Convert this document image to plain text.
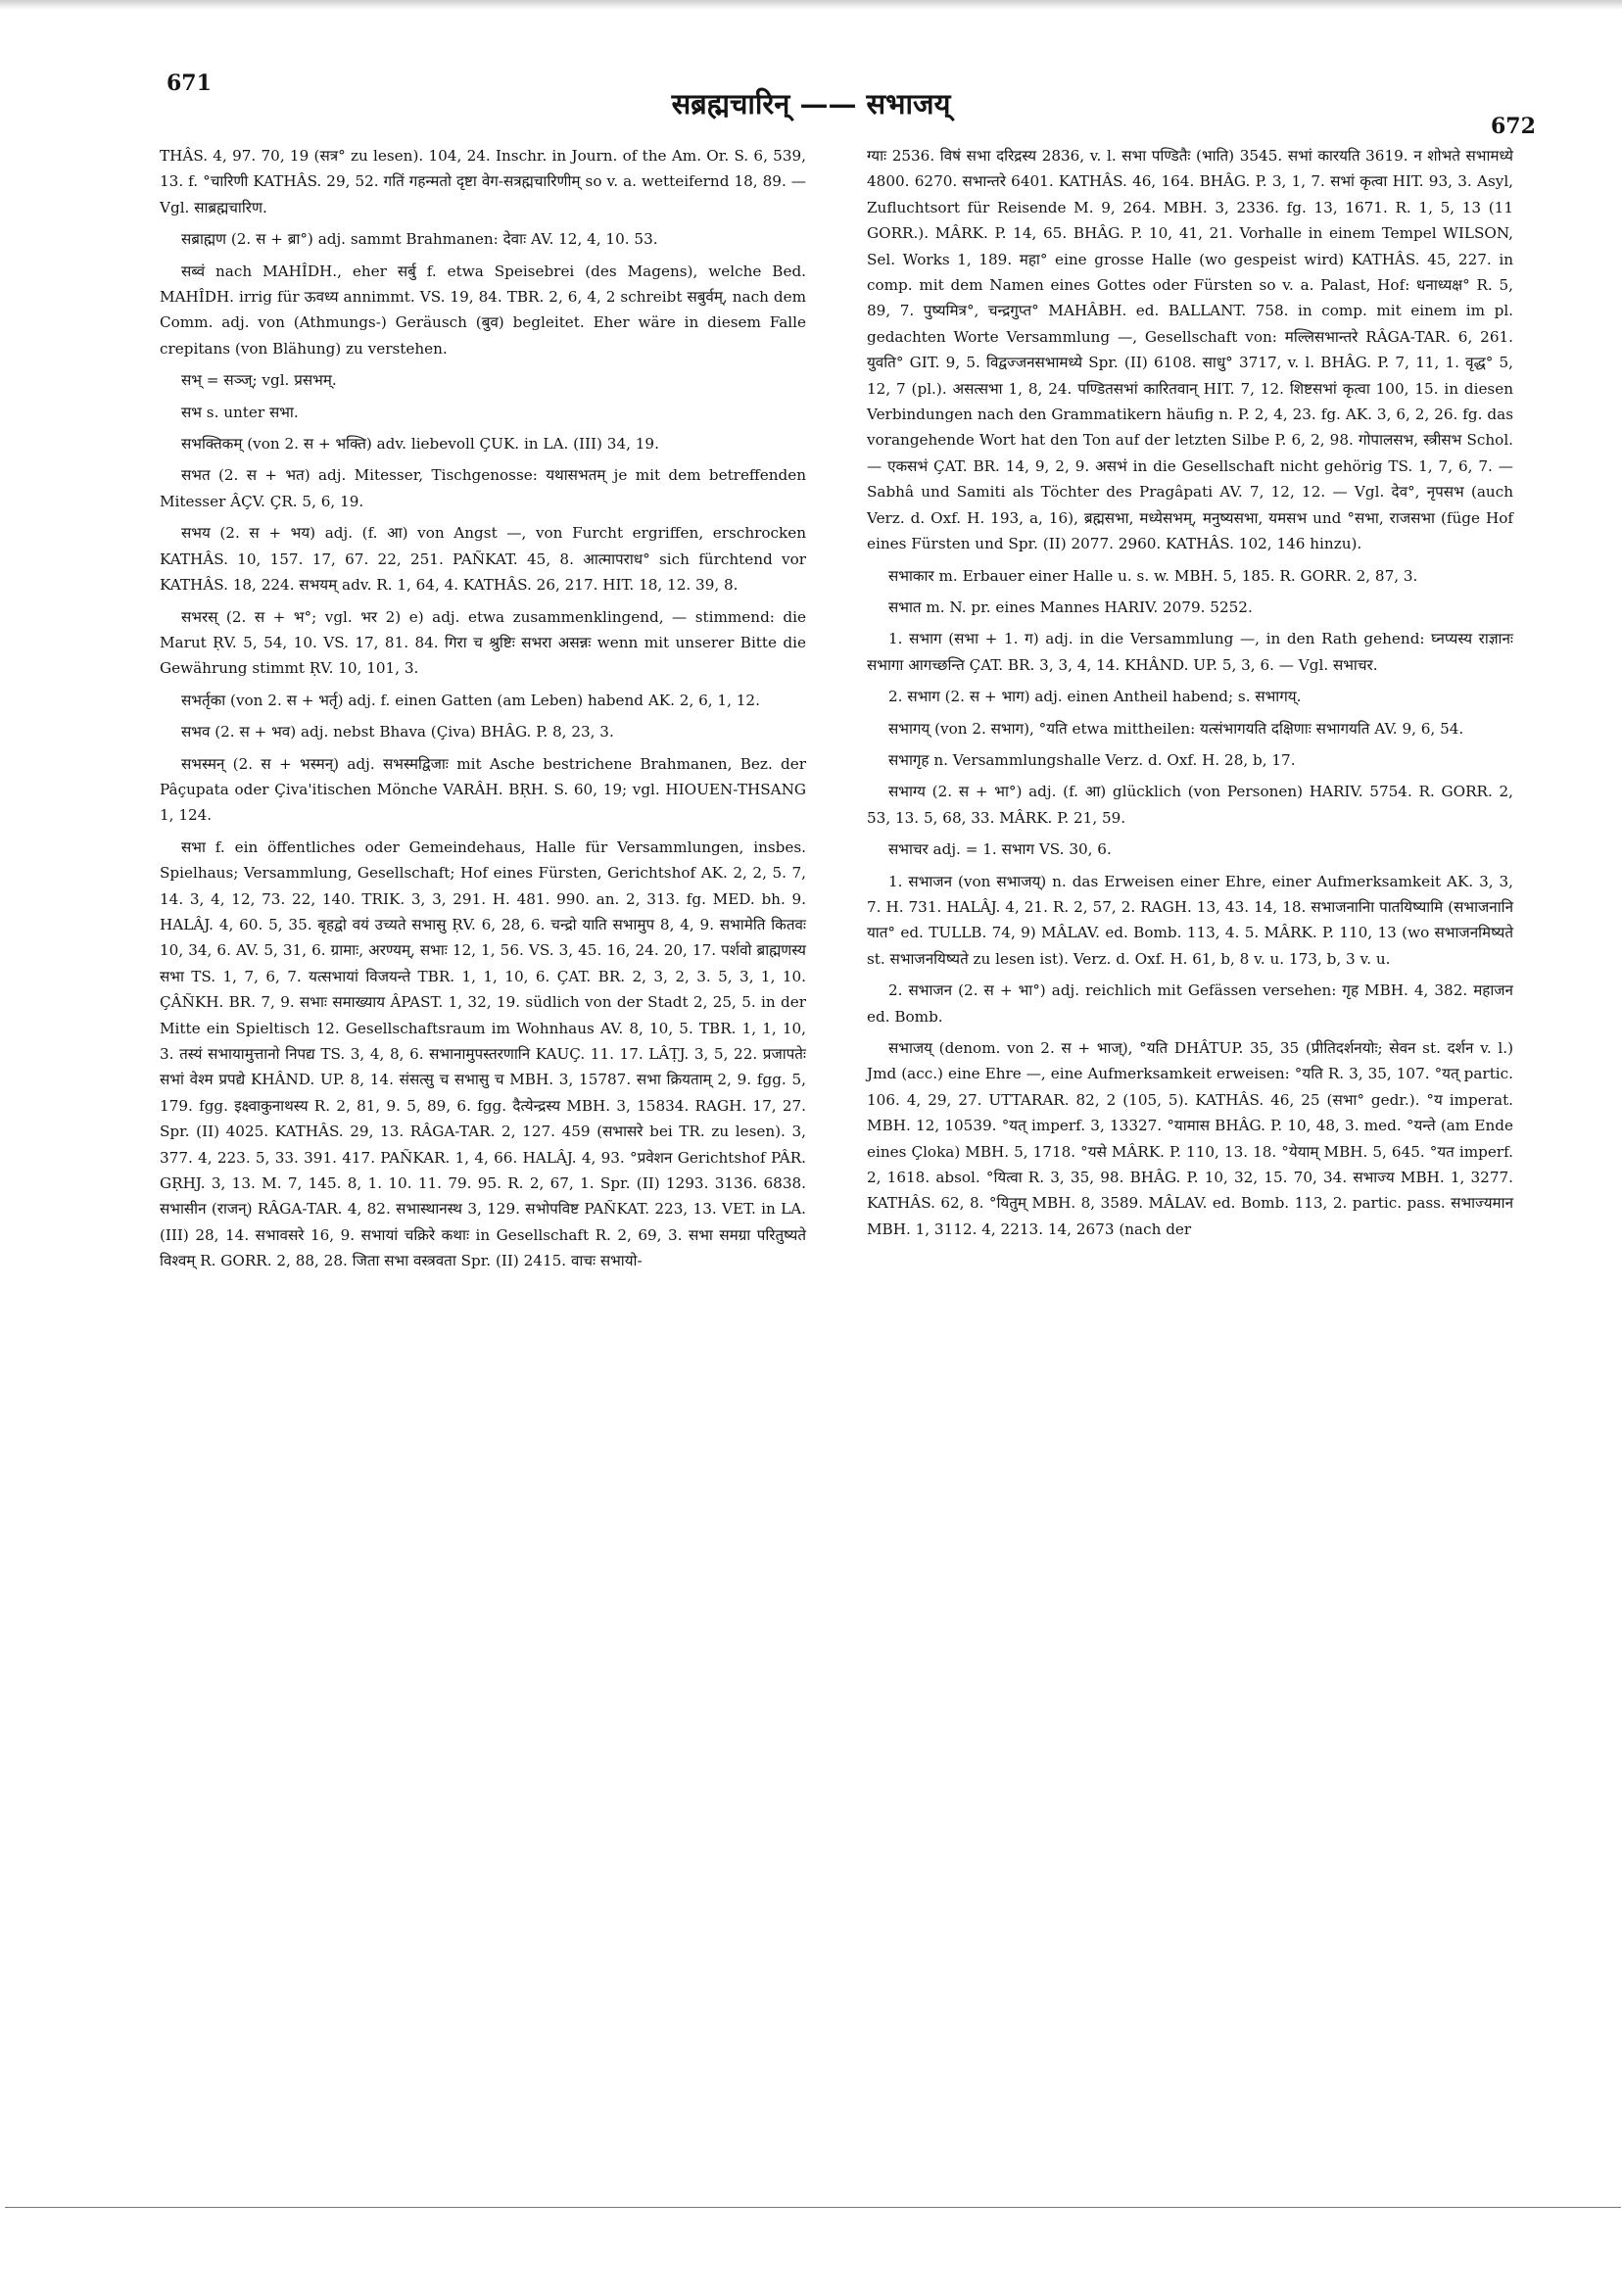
671
सब्रह्मचारिन् —— सभाजय्
672

THÂS. 4, 97. 70, 19 (सत्र° zu lesen). 104, 24. Inschr. in Journ. of the Am. Or. S. 6, 539, 13. f. °चारिणी KATHÂS. 29, 52. गतिं गहन्मतो दृष्टा वेग-सत्रह्मचारिणीम् so v. a. wetteifernd 18, 89. — Vgl. साब्रह्मचारिण.

सब्राह्मण (2. स + ब्रा°) adj. sammt Brahmanen: देवाः AV. 12, 4, 10. 53.

सब्वं nach MAHÎDH., eher सर्बु f. etwa Speisebrei (des Magens), welche Bed. MAHÎDH. irrig für ऊवध्य annimmt. VS. 19, 84. TBR. 2, 6, 4, 2 schreibt सबुर्वम्, nach dem Comm. adj. von (Athmungs-) Geräusch (बुव) begleitet. Eher wäre in diesem Falle crepitans (von Blähung) zu verstehen.

सभ् = सञ्ज्; vgl. प्रसभम्.

सभ s. unter सभा.

सभक्तिकम् (von 2. स + भक्ति) adv. liebevoll ÇUK. in LA. (III) 34, 19.

सभत (2. स + भत) adj. Mitesser, Tischgenosse: यथासभतम् je mit dem betreffenden Mitesser ÂÇV. ÇR. 5, 6, 19.

सभय (2. स + भय) adj. (f. आ) von Angst —, von Furcht ergriffen, erschrocken KATHÂS. 10, 157. 17, 67. 22, 251. PAÑKAT. 45, 8. आत्मापराध° sich fürchtend vor KATHÂS. 18, 224. सभयम् adv. R. 1, 64, 4. KATHÂS. 26, 217. HIT. 18, 12. 39, 8.

सभरस् (2. स + भ°; vgl. भर 2) e) adj. etwa zusammenklingend, — stimmend: die Marut ṚV. 5, 54, 10. VS. 17, 81. 84. गिरा च श्रुष्टिः सभरा असन्नः wenn mit unserer Bitte die Gewährung stimmt ṚV. 10, 101, 3.

सभर्तृका (von 2. स + भर्तृ) adj. f. einen Gatten (am Leben) habend AK. 2, 6, 1, 12.

सभव (2. स + भव) adj. nebst Bhava (Çiva) BHÂG. P. 8, 23, 3.

सभस्मन् (2. स + भस्मन्) adj. सभस्मद्विजाः mit Asche bestrichene Brahmanen, Bez. der Pâçupata oder Çiva'itischen Mönche VARÂH. BṚH. S. 60, 19; vgl. HIOUEN-THSANG 1, 124.

सभा f. ein öffentliches oder Gemeindehaus, Halle für Versammlungen, insbes. Spielhaus; Versammlung, Gesellschaft; Hof eines Fürsten, Gerichtshof AK. 2, 2, 5. 7, 14. 3, 4, 12, 73. 22, 140. TRIK. 3, 3, 291. H. 481. 990. an. 2, 313. fg. MED. bh. 9. HALÂJ. 4, 60. 5, 35. बृहद्वो वयं उच्यते सभासु ṚV. 6, 28, 6. चन्द्रो याति सभामुप 8, 4, 9. सभामेति कितवः 10, 34, 6. AV. 5, 31, 6. ग्रामाः, अरण्यम्, सभाः 12, 1, 56. VS. 3, 45. 16, 24. 20, 17. पर्शवो ब्राह्मणस्य सभा TS. 1, 7, 6, 7. यत्सभायां विजयन्ते TBR. 1, 1, 10, 6. ÇAT. BR. 2, 3, 2, 3. 5, 3, 1, 10. ÇÂÑKH. BR. 7, 9. सभाः समाख्याय ÂPAST. 1, 32, 19. südlich von der Stadt 2, 25, 5. in der Mitte ein Spieltisch 12. Gesellschaftsraum im Wohnhaus AV. 8, 10, 5. TBR. 1, 1, 10, 3. तस्यं सभायामुत्तानो निपद्य TS. 3, 4, 8, 6. सभानामुपस्तरणानि KAUÇ. 11. 17. LÂṬJ. 3, 5, 22. प्रजापतेः सभां वेश्म प्रपद्ये KHÂND. UP. 8, 14. संसत्सु च सभासु च MBH. 3, 15787. सभा क्रियताम् 2, 9. fgg. 5, 179. fgg. इक्ष्वाकुनाथस्य R. 2, 81, 9. 5, 89, 6. fgg. दैत्येन्द्रस्य MBH. 3, 15834. RAGH. 17, 27. Spr. (II) 4025. KATHÂS. 29, 13. RÂGA-TAR. 2, 127. 459 (सभासरे bei TR. zu lesen). 3, 377. 4, 223. 5, 33. 391. 417. PAÑKAR. 1, 4, 66. HALÂJ. 4, 93. °प्रवेशन Gerichtshof PÂR. GṚHJ. 3, 13. M. 7, 145. 8, 1. 10. 11. 79. 95. R. 2, 67, 1. Spr. (II) 1293. 3136. 6838. सभासीन (राजन्) RÂGA-TAR. 4, 82. सभास्थानस्थ 3, 129. सभोपविष्ट PAÑKAT. 223, 13. VET. in LA. (III) 28, 14. सभावसरे 16, 9. सभायां चक्रिरे कथाः in Gesellschaft R. 2, 69, 3. सभा समग्रा परितुष्यते विश्वम् R. GORR. 2, 88, 28. जिता सभा वस्त्रवता Spr. (II) 2415. वाचः सभायो-

ग्याः 2536. विषं सभा दरिद्रस्य 2836, v. l. सभा पण्डितैः (भाति) 3545. सभां कारयति 3619. न शोभते सभामध्ये 4800. 6270. सभान्तरे 6401. KATHÂS. 46, 164. BHÂG. P. 3, 1, 7. सभां कृत्वा HIT. 93, 3. Asyl, Zufluchtsort für Reisende M. 9, 264. MBH. 3, 2336. fg. 13, 1671. R. 1, 5, 13 (11 GORR.). MÂRK. P. 14, 65. BHÂG. P. 10, 41, 21. Vorhalle in einem Tempel WILSON, Sel. Works 1, 189. महा° eine grosse Halle (wo gespeist wird) KATHÂS. 45, 227. in comp. mit dem Namen eines Gottes oder Fürsten so v. a. Palast, Hof: धनाध्यक्ष° R. 5, 89, 7. पुष्यमित्र°, चन्द्रगुप्त° MAHÂBH. ed. BALLANT. 758. in comp. mit einem im pl. gedachten Worte Versammlung —, Gesellschaft von: मल्लिसभान्तरे RÂGA-TAR. 6, 261. युवति° GIT. 9, 5. विद्वज्जनसभामध्ये Spr. (II) 6108. साधु° 3717, v. l. BHÂG. P. 7, 11, 1. वृद्ध° 5, 12, 7 (pl.). असत्सभा 1, 8, 24. पण्डितसभां कारितवान् HIT. 7, 12. शिष्टसभां कृत्वा 100, 15. in diesen Verbindungen nach den Grammatikern häufig n. P. 2, 4, 23. fg. AK. 3, 6, 2, 26. fg. das vorangehende Wort hat den Ton auf der letzten Silbe P. 6, 2, 98. गोपालसभ, स्त्रीसभ Schol. — एकसभं ÇAT. BR. 14, 9, 2, 9. असभं in die Gesellschaft nicht gehörig TS. 1, 7, 6, 7. — Sabhâ und Samiti als Töchter des Pragâpati AV. 7, 12, 12. — Vgl. देव°, नृपसभ (auch Verz. d. Oxf. H. 193, a, 16), ब्रह्मसभा, मध्येसभम्, मनुष्यसभा, यमसभ und °सभा, राजसभा (füge Hof eines Fürsten und Spr. (II) 2077. 2960. KATHÂS. 102, 146 hinzu).

सभाकार m. Erbauer einer Halle u. s. w. MBH. 5, 185. R. GORR. 2, 87, 3.

सभात m. N. pr. eines Mannes HARIV. 2079. 5252.

1. सभाग (सभा + 1. ग) adj. in die Versammlung —, in den Rath gehend: घ्नप्यस्य राज्ञानः सभागा आगच्छन्ति ÇAT. BR. 3, 3, 4, 14. KHÂND. UP. 5, 3, 6. — Vgl. सभाचर.

2. सभाग (2. स + भाग) adj. einen Antheil habend; s. सभागय्.

सभागय् (von 2. सभाग), °यति etwa mittheilen: यत्संभागयति दक्षिणाः सभागयति AV. 9, 6, 54.

सभागृह n. Versammlungshalle Verz. d. Oxf. H. 28, b, 17.

सभाग्य (2. स + भा°) adj. (f. आ) glücklich (von Personen) HARIV. 5754. R. GORR. 2, 53, 13. 5, 68, 33. MÂRK. P. 21, 59.

सभाचर adj. = 1. सभाग VS. 30, 6.

1. सभाजन (von सभाजय्) n. das Erweisen einer Ehre, einer Aufmerksamkeit AK. 3, 3, 7. H. 731. HALÂJ. 4, 21. R. 2, 57, 2. RAGH. 13, 43. 14, 18. सभाजनानाि पातयिष्यामि (सभाजनानि यात° ed. TULLB. 74, 9) MÂLAV. ed. Bomb. 113, 4. 5. MÂRK. P. 110, 13 (wo सभाजनमिष्यते st. सभाजनयिष्यते zu lesen ist). Verz. d. Oxf. H. 61, b, 8 v. u. 173, b, 3 v. u.

2. सभाजन (2. स + भा°) adj. reichlich mit Gefässen versehen: गृह MBH. 4, 382. महाजन ed. Bomb.

सभाजय् (denom. von 2. स + भाज्), °यति DHÂTUP. 35, 35 (प्रीतिदर्शनयोः; सेवन st. दर्शन v. l.) Jmd (acc.) eine Ehre —, eine Aufmerksamkeit erweisen: °यति R. 3, 35, 107. °यत् partic. 106. 4, 29, 27. UTTARAR. 82, 2 (105, 5). KATHÂS. 46, 25 (सभा° gedr.). °य imperat. MBH. 12, 10539. °यत् imperf. 3, 13327. °यामास BHÂG. P. 10, 48, 3. med. °यन्ते (am Ende eines Çloka) MBH. 5, 1718. °यसे MÂRK. P. 110, 13. 18. °येयाम् MBH. 5, 645. °यत imperf. 2, 1618. absol. °यित्वा R. 3, 35, 98. BHÂG. P. 10, 32, 15. 70, 34. सभाज्य MBH. 1, 3277. KATHÂS. 62, 8. °यितुम् MBH. 8, 3589. MÂLAV. ed. Bomb. 113, 2. partic. pass. सभाज्यमान MBH. 1, 3112. 4, 2213. 14, 2673 (nach der
